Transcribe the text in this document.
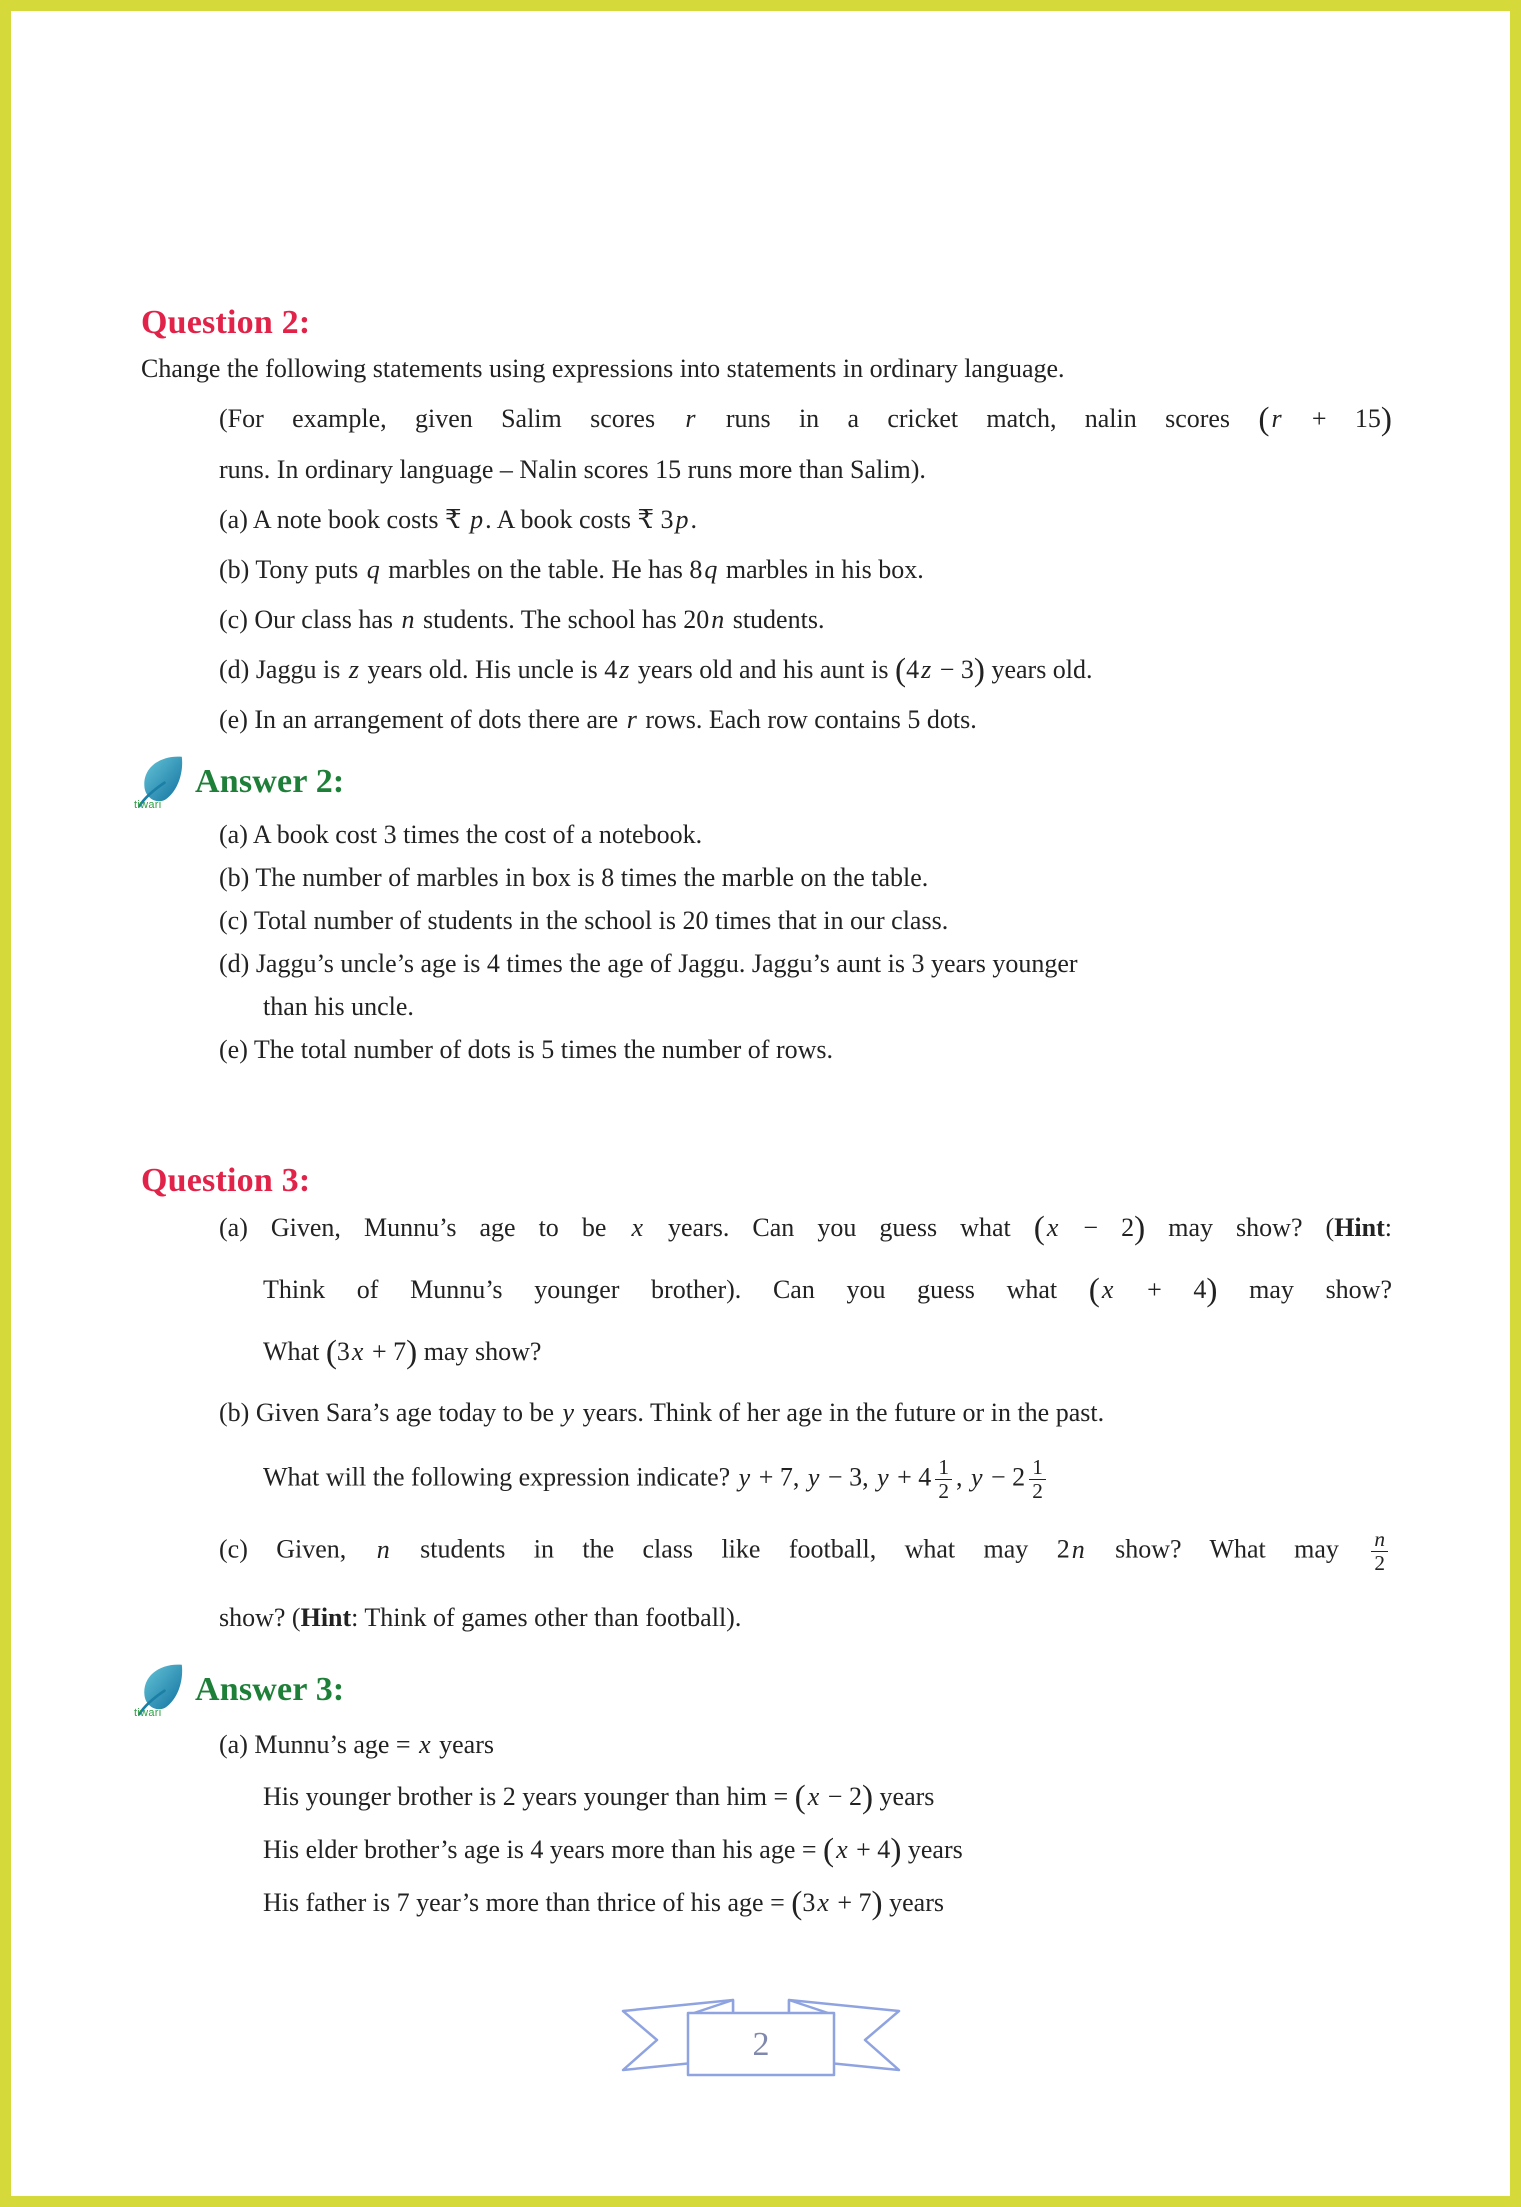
Question 2:

Change the following statements using expressions into statements in ordinary language.

(For example, given Salim scores r runs in a cricket match, nalin scores (r + 15)

runs. In ordinary language – Nalin scores 15 runs more than Salim).

(a) A note book costs ₹ p. A book costs ₹ 3p.

(b) Tony puts q marbles on the table. He has 8q marbles in his box.

(c) Our class has n students. The school has 20n students.

(d) Jaggu is z years old. His uncle is 4z years old and his aunt is (4z − 3) years old.

(e) In an arrangement of dots there are r rows. Each row contains 5 dots.

tiwari
Answer 2:

(a) A book cost 3 times the cost of a notebook.

(b) The number of marbles in box is 8 times the marble on the table.

(c) Total number of students in the school is 20 times that in our class.

(d) Jaggu’s uncle’s age is 4 times the age of Jaggu. Jaggu’s aunt is 3 years younger

than his uncle.

(e) The total number of dots is 5 times the number of rows.

Question 3:

(a) Given, Munnu’s age to be x years. Can you guess what (x − 2) may show? (Hint:

Think of Munnu’s younger brother). Can you guess what (x + 4) may show?

What (3x + 7) may show?

(b) Given Sara’s age today to be y years. Think of her age in the future or in the past.

What will the following expression indicate? y + 7, y − 3, $y + 4 \frac{1}{2}$ , $y - 2 \frac{1}{2}$

(c) Given, n students in the class like football, what may 2n show? What may $\frac{n}{2}$

show? (Hint: Think of games other than football).

tiwari
Answer 3:

(a) Munnu’s age = x years

His younger brother is 2 years younger than him = (x − 2) years

His elder brother’s age is 4 years more than his age = (x + 4) years

His father is 7 year’s more than thrice of his age = (3x + 7) years

2
